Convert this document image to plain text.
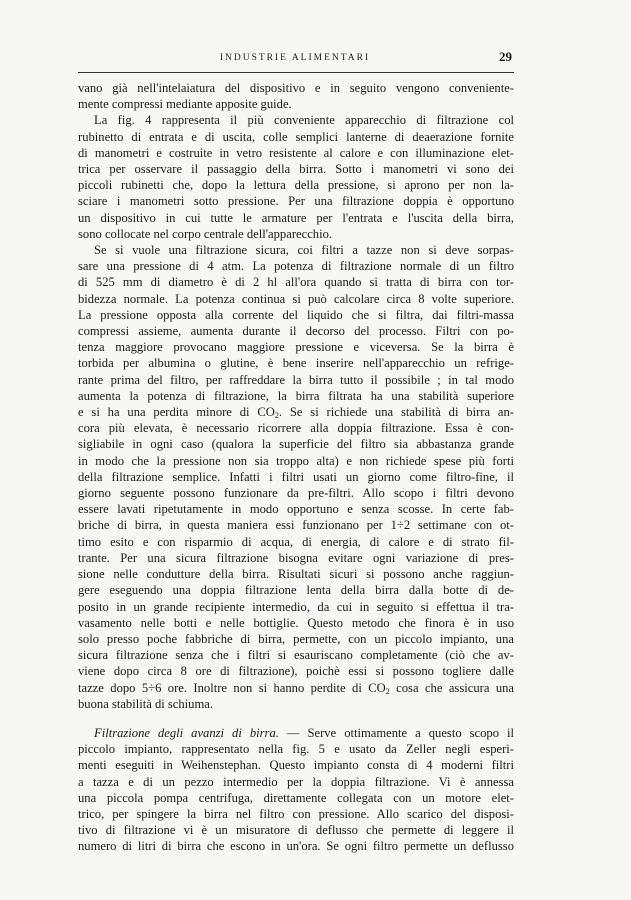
INDUSTRIE ALIMENTARI	29

vano già nell'intelaiatura del dispositivo e in seguito vengono conveniente-

mente compressi mediante apposite guide.

La fig. 4 rappresenta il più conveniente apparecchio di filtrazione col

rubinetto di entrata e di uscita, colle semplici lanterne di deaerazione fornite

di manometri e costruite in vetro resistente al calore e con illuminazione elet-

trica per osservare il passaggio della birra. Sotto i manometri vi sono dei

piccoli rubinetti che, dopo la lettura della pressione, si aprono per non la-

sciare i manometri sotto pressione. Per una filtrazione doppia è opportuno

un dispositivo in cui tutte le armature per l'entrata e l'uscita della birra,

sono collocate nel corpo centrale dell'apparecchio.

Se si vuole una filtrazione sicura, coi filtri a tazze non si deve sorpas-

sare una pressione di 4 atm. La potenza di filtrazione normale di un filtro

di 525 mm di diametro è di 2 hl all'ora quando si tratta di birra con tor-

bidezza normale. La potenza continua si può calcolare circa 8 volte superiore.

La pressione opposta alla corrente del liquido che si filtra, dai filtri-massa

compressi assieme, aumenta durante il decorso del processo. Filtri con po-

tenza maggiore provocano maggiore pressione e viceversa. Se la birra è

torbida per albumina o glutine, è bene inserire nell'apparecchio un refrige-

rante prima del filtro, per raffreddare la birra tutto il possibile ; in tal modo

aumenta la potenza di filtrazione, la birra filtrata ha una stabilità superiore

e si ha una perdita minore di $CO_2$. Se si richiede una stabilità di birra an-

cora più elevata, è necessario ricorrere alla doppia filtrazione. Essa è con-

sigliabile in ogni caso (qualora la superficie del filtro sia abbastanza grande

in modo che la pressione non sia troppo alta) e non richiede spese più forti

della filtrazione semplice. Infatti i filtri usati un giorno come filtro-fine, il

giorno seguente possono funzionare da pre-filtri. Allo scopo i filtri devono

essere lavati ripetutamente in modo opportuno e senza scosse. In certe fab-

briche di birra, in questa maniera essi funzionano per 1÷2 settimane con ot-

timo esito e con risparmio di acqua, di energia, di calore e di strato fil-

trante. Per una sicura filtrazione bisogna evitare ogni variazione di pres-

sione nelle condutture della birra. Risultati sicuri si possono anche raggiun-

gere eseguendo una doppia filtrazione lenta della birra dalla botte di de-

posito in un grande recipiente intermedio, da cui in seguito si effettua il tra-

vasamento nelle botti e nelle bottiglie. Questo metodo che finora è in uso

solo presso poche fabbriche di birra, permette, con un piccolo impianto, una

sicura filtrazione senza che i filtri si esauriscano completamente (ciò che av-

viene dopo circa 8 ore di filtrazione), poichè essi si possono togliere dalle

tazze dopo 5÷6 ore. Inoltre non si hanno perdite di $CO_2$ cosa che assicura una

buona stabilità di schiuma.

Filtrazione degli avanzi di birra. — Serve ottimamente a questo scopo il

piccolo impianto, rappresentato nella fig. 5 e usato da Zeller negli esperi-

menti eseguiti in Weihenstephan. Questo impianto consta di 4 moderni filtri

a tazza e di un pezzo intermedio per la doppia filtrazione. Vi è annessa

una piccola pompa centrifuga, direttamente collegata con un motore elet-

trico, per spingere la birra nel filtro con pressione. Allo scarico del disposi-

tivo di filtrazione vi è un misuratore di deflusso che permette di leggere il

numero di litri di birra che escono in un'ora. Se ogni filtro permette un deflusso
